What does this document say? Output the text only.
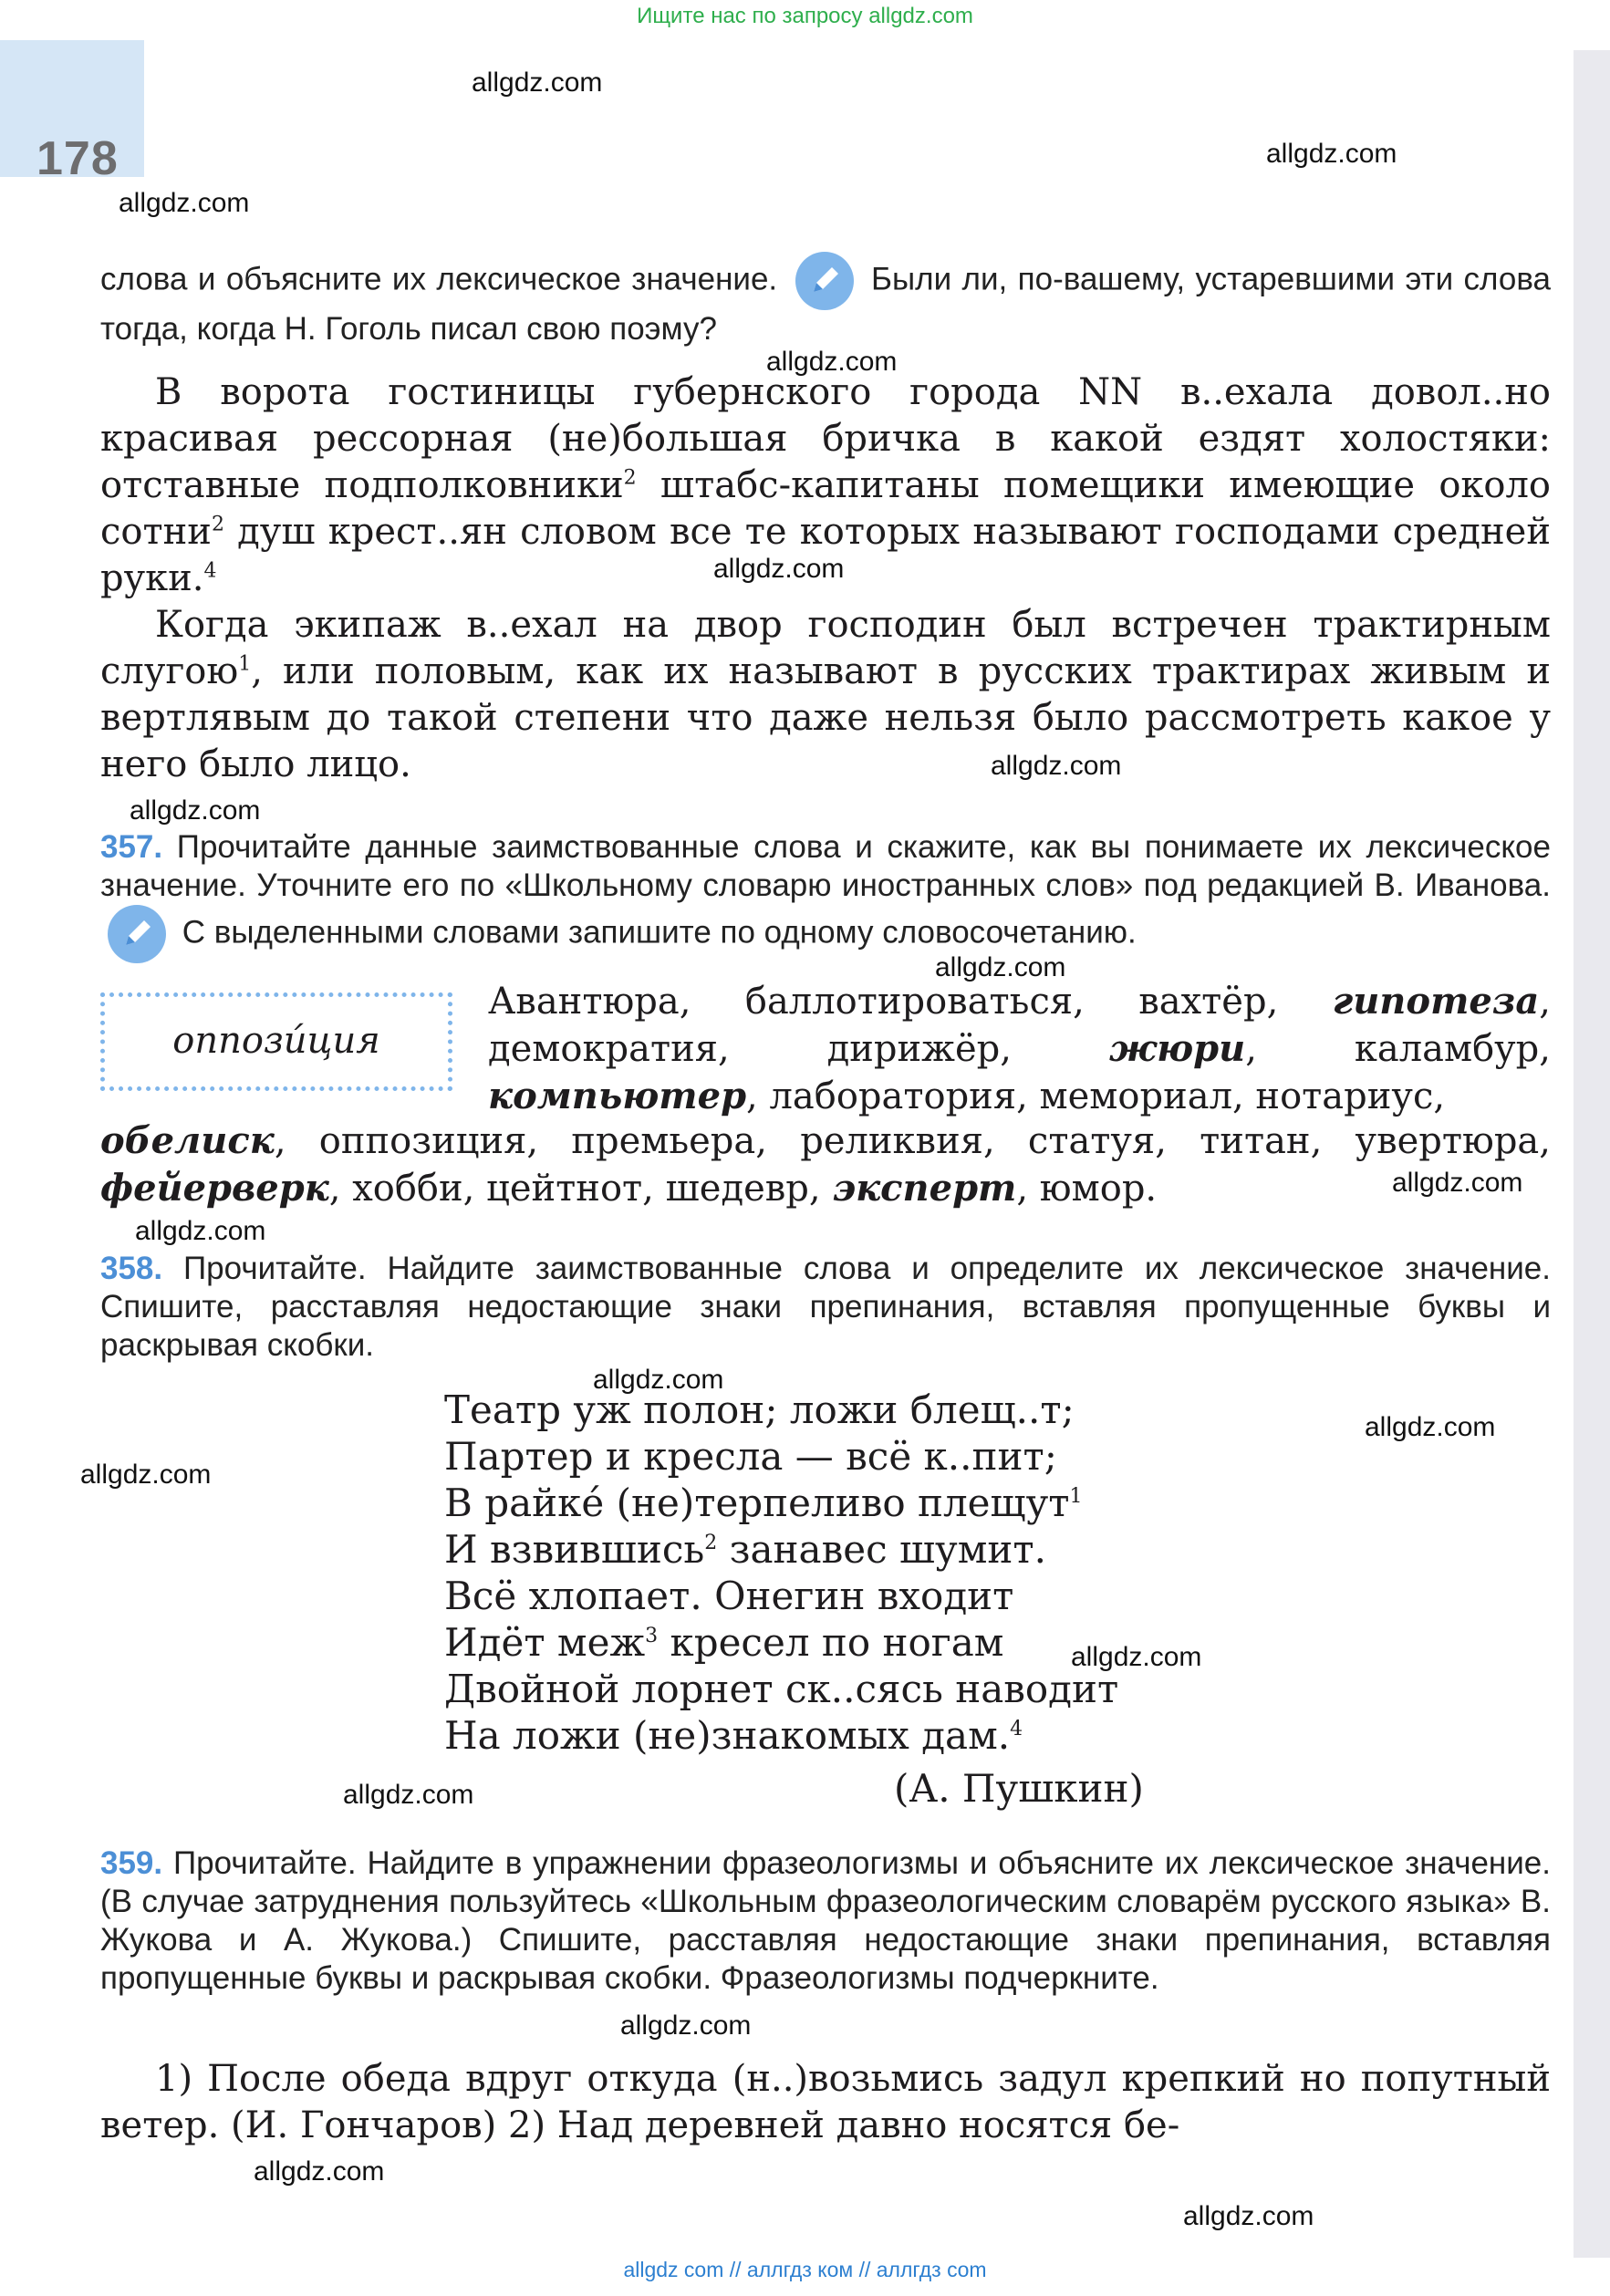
Ищите нас по запросу allgdz.com
178
allgdz.com
allgdz.com
allgdz.com
allgdz.com
allgdz.com
allgdz.com
allgdz.com
allgdz.com
allgdz.com
allgdz.com
allgdz.com
allgdz.com
allgdz.com
allgdz.com
allgdz.com
allgdz.com
allgdz.com
allgdz.com
слова и объясните их лексическое значение.	Были ли, по-вашему, устаревшими эти слова тогда, когда Н. Гоголь писал свою поэму?

В ворота гостиницы губернского города NN в..ехала довол..но красивая рессорная (не)большая бричка в какой ездят холостяки: отставные подполковники$^2$ штабс-капитаны помещики имеющие около сотни$^2$ душ крест..ян словом все те которых называют господами средней руки.$^4$

Когда экипаж в..ехал на двор господин был встречен трактирным слугою$^1$, или половым, как их называют в русских трактирах живым и вертлявым до такой степени что даже нельзя было рассмотреть какое у него было лицо.

357. Прочитайте данные заимствованные слова и скажите, как вы понимаете их лексическое значение. Уточните его по «Школьному словарю иностранных слов» под редакцией В. Иванова.
С выделенными словами запишите по одному словосочетанию.
оппозúция
Авантюра, баллотироваться, вахтёр, гипотеза, демократия, дирижёр,	жюри, каламбур, компьютер, лаборатория, мемориал, нотариус,
обелиск, оппозиция, премьера, реликвия, статуя, титан, увертюра, фейерверк, хобби, цейтнот, шедевр, эксперт, юмор.
358. Прочитайте. Найдите заимствованные слова и определите их лексическое значение. Спишите, расставляя недостающие знаки препинания, вставляя пропущенные буквы и раскрывая скобки.
Театр уж полон; ложи блещ..т;
Партер и кресла — всё к..пит;
В райкé (не)терпеливо плещут$^1$
И взвившись$^2$ занавес шумит.
Всё хлопает. Онегин входит
Идёт меж$^3$ кресел по ногам
Двойной лорнет ск..сясь наводит
На ложи (не)знакомых дам.$^4$
(А. Пушкин)
359. Прочитайте. Найдите в упражнении фразеологизмы и объясните их лексическое значение. (В случае затруднения пользуйтесь «Школьным фразеологическим словарём русского языка» В. Жукова и А. Жукова.) Спишите, расставляя недостающие знаки препинания, вставляя пропущенные буквы и раскрывая скобки. Фразеологизмы подчеркните.

1) После обеда вдруг откуда (н..)возьмись задул крепкий но попутный ветер. (И. Гончаров) 2) Над деревней давно носятся бе-

allgdz com // аллгдз ком // аллгдз com
